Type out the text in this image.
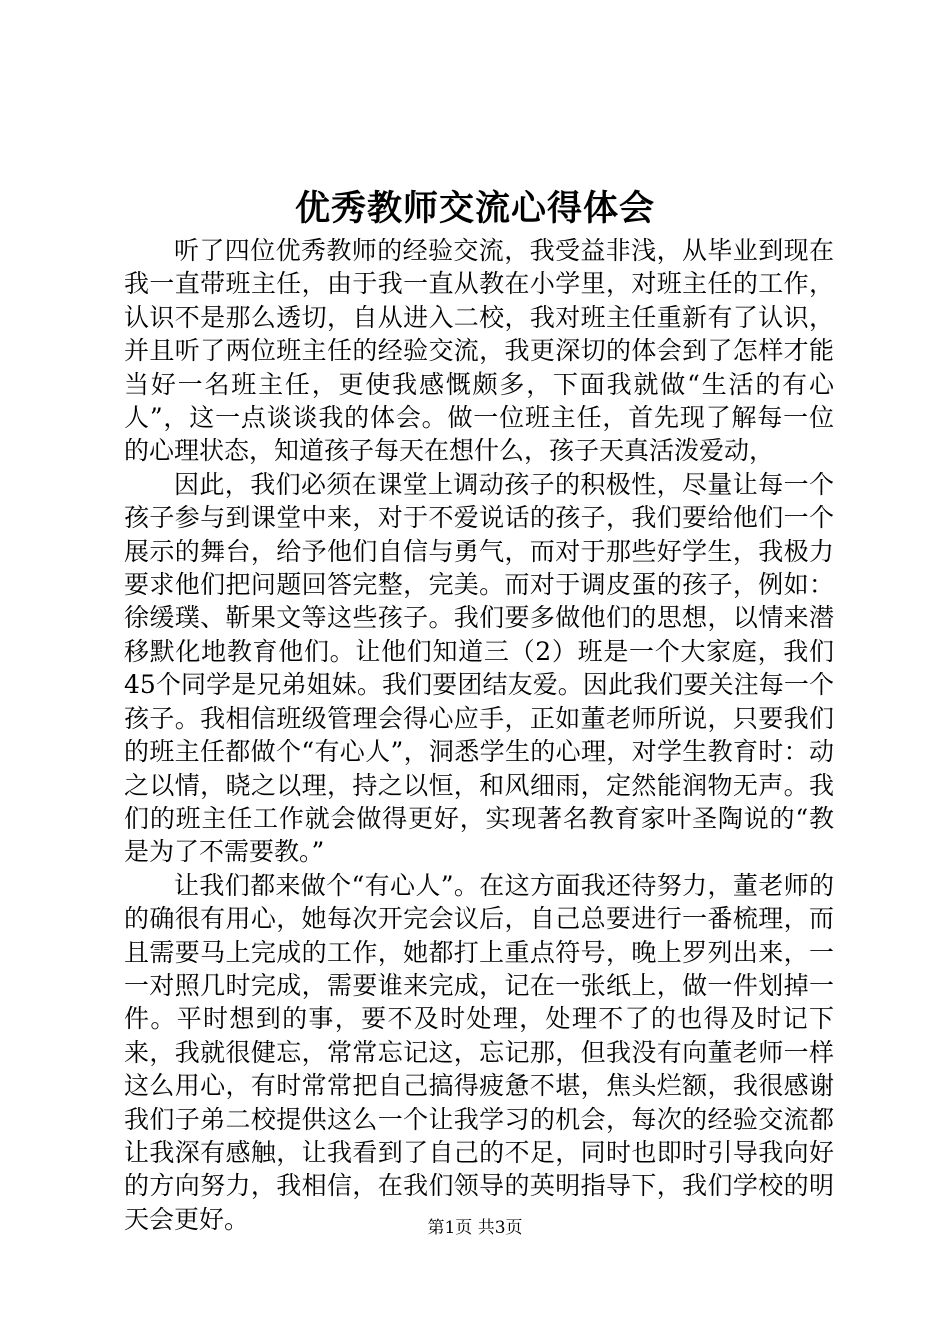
优秀教师交流心得体会

听了四位优秀教师的经验交流，我受益非浅，从毕业到现在我一直带班主任，由于我一直从教在小学里，对班主任的工作，认识不是那么透切，自从进入二校，我对班主任重新有了认识，并且听了两位班主任的经验交流，我更深切的体会到了怎样才能当好一名班主任，更使我感慨颇多，下面我就做“生活的有心人”，这一点谈谈我的体会。做一位班主任，首先现了解每一位的心理状态，知道孩子每天在想什么，孩子天真活泼爱动，

因此，我们必须在课堂上调动孩子的积极性，尽量让每一个孩子参与到课堂中来，对于不爱说话的孩子，我们要给他们一个展示的舞台，给予他们自信与勇气，而对于那些好学生，我极力要求他们把问题回答完整，完美。而对于调皮蛋的孩子，例如：徐缓璞、靳果文等这些孩子。我们要多做他们的思想，以情来潜移默化地教育他们。让他们知道三（2）班是一个大家庭，我们45个同学是兄弟姐妹。我们要团结友爱。因此我们要关注每一个孩子。我相信班级管理会得心应手，正如董老师所说，只要我们的班主任都做个“有心人”，洞悉学生的心理，对学生教育时：动之以情，晓之以理，持之以恒，和风细雨，定然能润物无声。我们的班主任工作就会做得更好，实现著名教育家叶圣陶说的“教是为了不需要教。”

让我们都来做个“有心人”。在这方面我还待努力，董老师的的确很有用心，她每次开完会议后，自己总要进行一番梳理，而且需要马上完成的工作，她都打上重点符号，晚上罗列出来，一一对照几时完成，需要谁来完成，记在一张纸上，做一件划掉一件。平时想到的事，要不及时处理，处理不了的也得及时记下来，我就很健忘，常常忘记这，忘记那，但我没有向董老师一样这么用心，有时常常把自己搞得疲惫不堪，焦头烂额，我很感谢我们子弟二校提供这么一个让我学习的机会，每次的经验交流都让我深有感触，让我看到了自己的不足，同时也即时引导我向好的方向努力，我相信，在我们领导的英明指导下，我们学校的明天会更好。	第1页 共3页
